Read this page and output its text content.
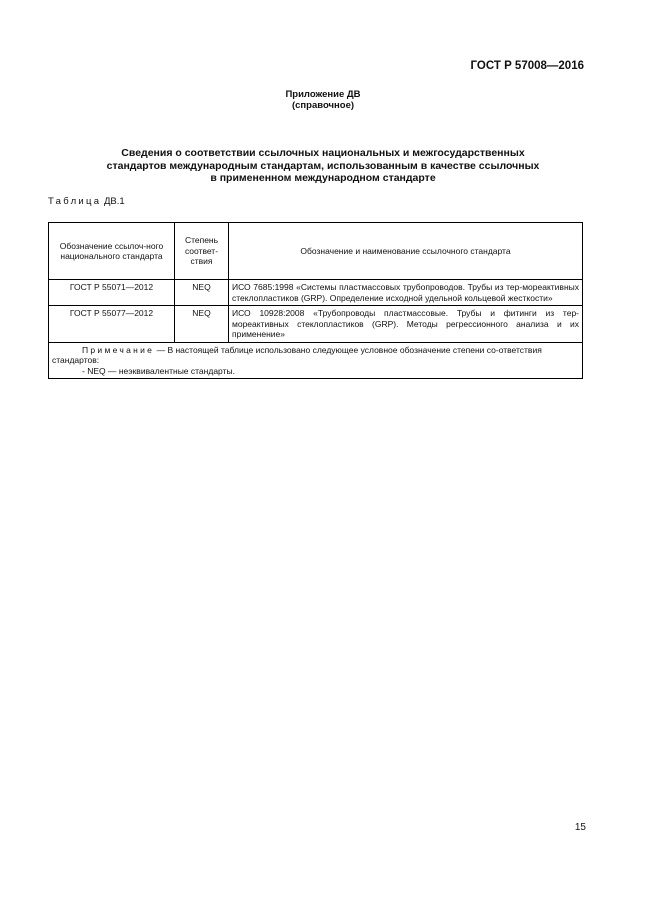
ГОСТ Р 57008—2016
Приложение ДВ
(справочное)
Сведения о соответствии ссылочных национальных и межгосударственных
стандартов международным стандартам, использованным в качестве ссылочных
в примененном международном стандарте
Таблица ДВ.1
Обозначение ссылоч-ного национального стандарта	Степень соответ-ствия	Обозначение и наименование ссылочного стандарта
ГОСТ Р 55071—2012	NEQ	ИСО 7685:1998 «Системы пластмассовых трубопроводов. Трубы из тер-мореактивных стеклопластиков (GRP). Определение исходной удельной кольцевой жесткости»
ГОСТ Р 55077—2012	NEQ	ИСО 10928:2008 «Трубопроводы пластмассовые. Трубы и фитинги из тер-мореактивных стеклопластиков (GRP). Методы регрессионного анализа и их применение»
Примечание — В настоящей таблице использовано следующее условное обозначение степени со-ответствия стандартов:
- NEQ — неэквивалентные стандарты.		
15
